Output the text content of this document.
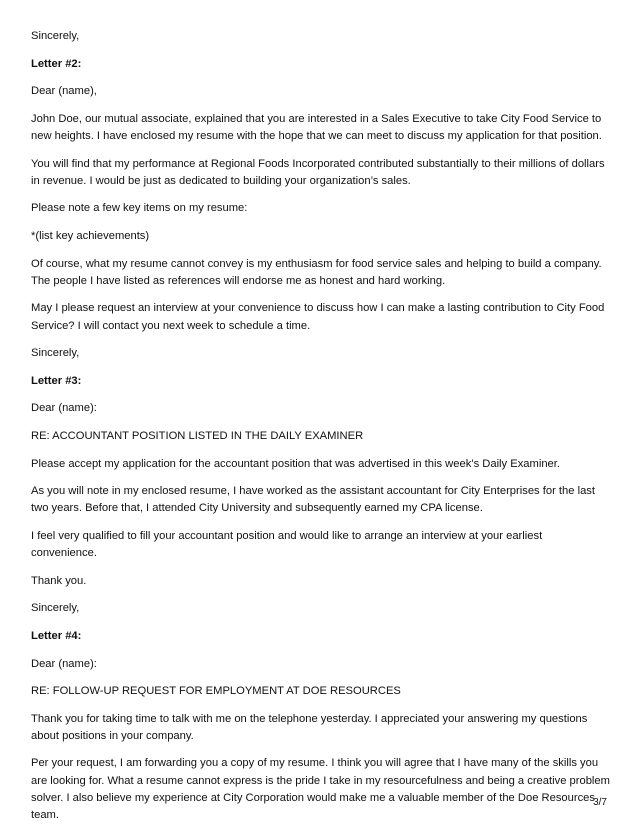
Sincerely,

Letter #2:

Dear (name),

John Doe, our mutual associate, explained that you are interested in a Sales Executive to take City Food Service to new heights. I have enclosed my resume with the hope that we can meet to discuss my application for that position.

You will find that my performance at Regional Foods Incorporated contributed substantially to their millions of dollars in revenue. I would be just as dedicated to building your organization’s sales.

Please note a few key items on my resume:

*(list key achievements)

Of course, what my resume cannot convey is my enthusiasm for food service sales and helping to build a company. The people I have listed as references will endorse me as honest and hard working.

May I please request an interview at your convenience to discuss how I can make a lasting contribution to City Food Service? I will contact you next week to schedule a time.

Sincerely,

Letter #3:

Dear (name):

RE: ACCOUNTANT POSITION LISTED IN THE DAILY EXAMINER

Please accept my application for the accountant position that was advertised in this week’s Daily Examiner.

As you will note in my enclosed resume, I have worked as the assistant accountant for City Enterprises for the last two years. Before that, I attended City University and subsequently earned my CPA license.

I feel very qualified to fill your accountant position and would like to arrange an interview at your earliest convenience.

Thank you.

Sincerely,

Letter #4:

Dear (name):

RE: FOLLOW-UP REQUEST FOR EMPLOYMENT AT DOE RESOURCES

Thank you for taking time to talk with me on the telephone yesterday. I appreciated your answering my questions about positions in your company.

Per your request, I am forwarding you a copy of my resume. I think you will agree that I have many of the skills you are looking for. What a resume cannot express is the pride I take in my resourcefulness and being a creative problem solver. I also believe my experience at City Corporation would make me a valuable member of the Doe Resources team.

3/7
